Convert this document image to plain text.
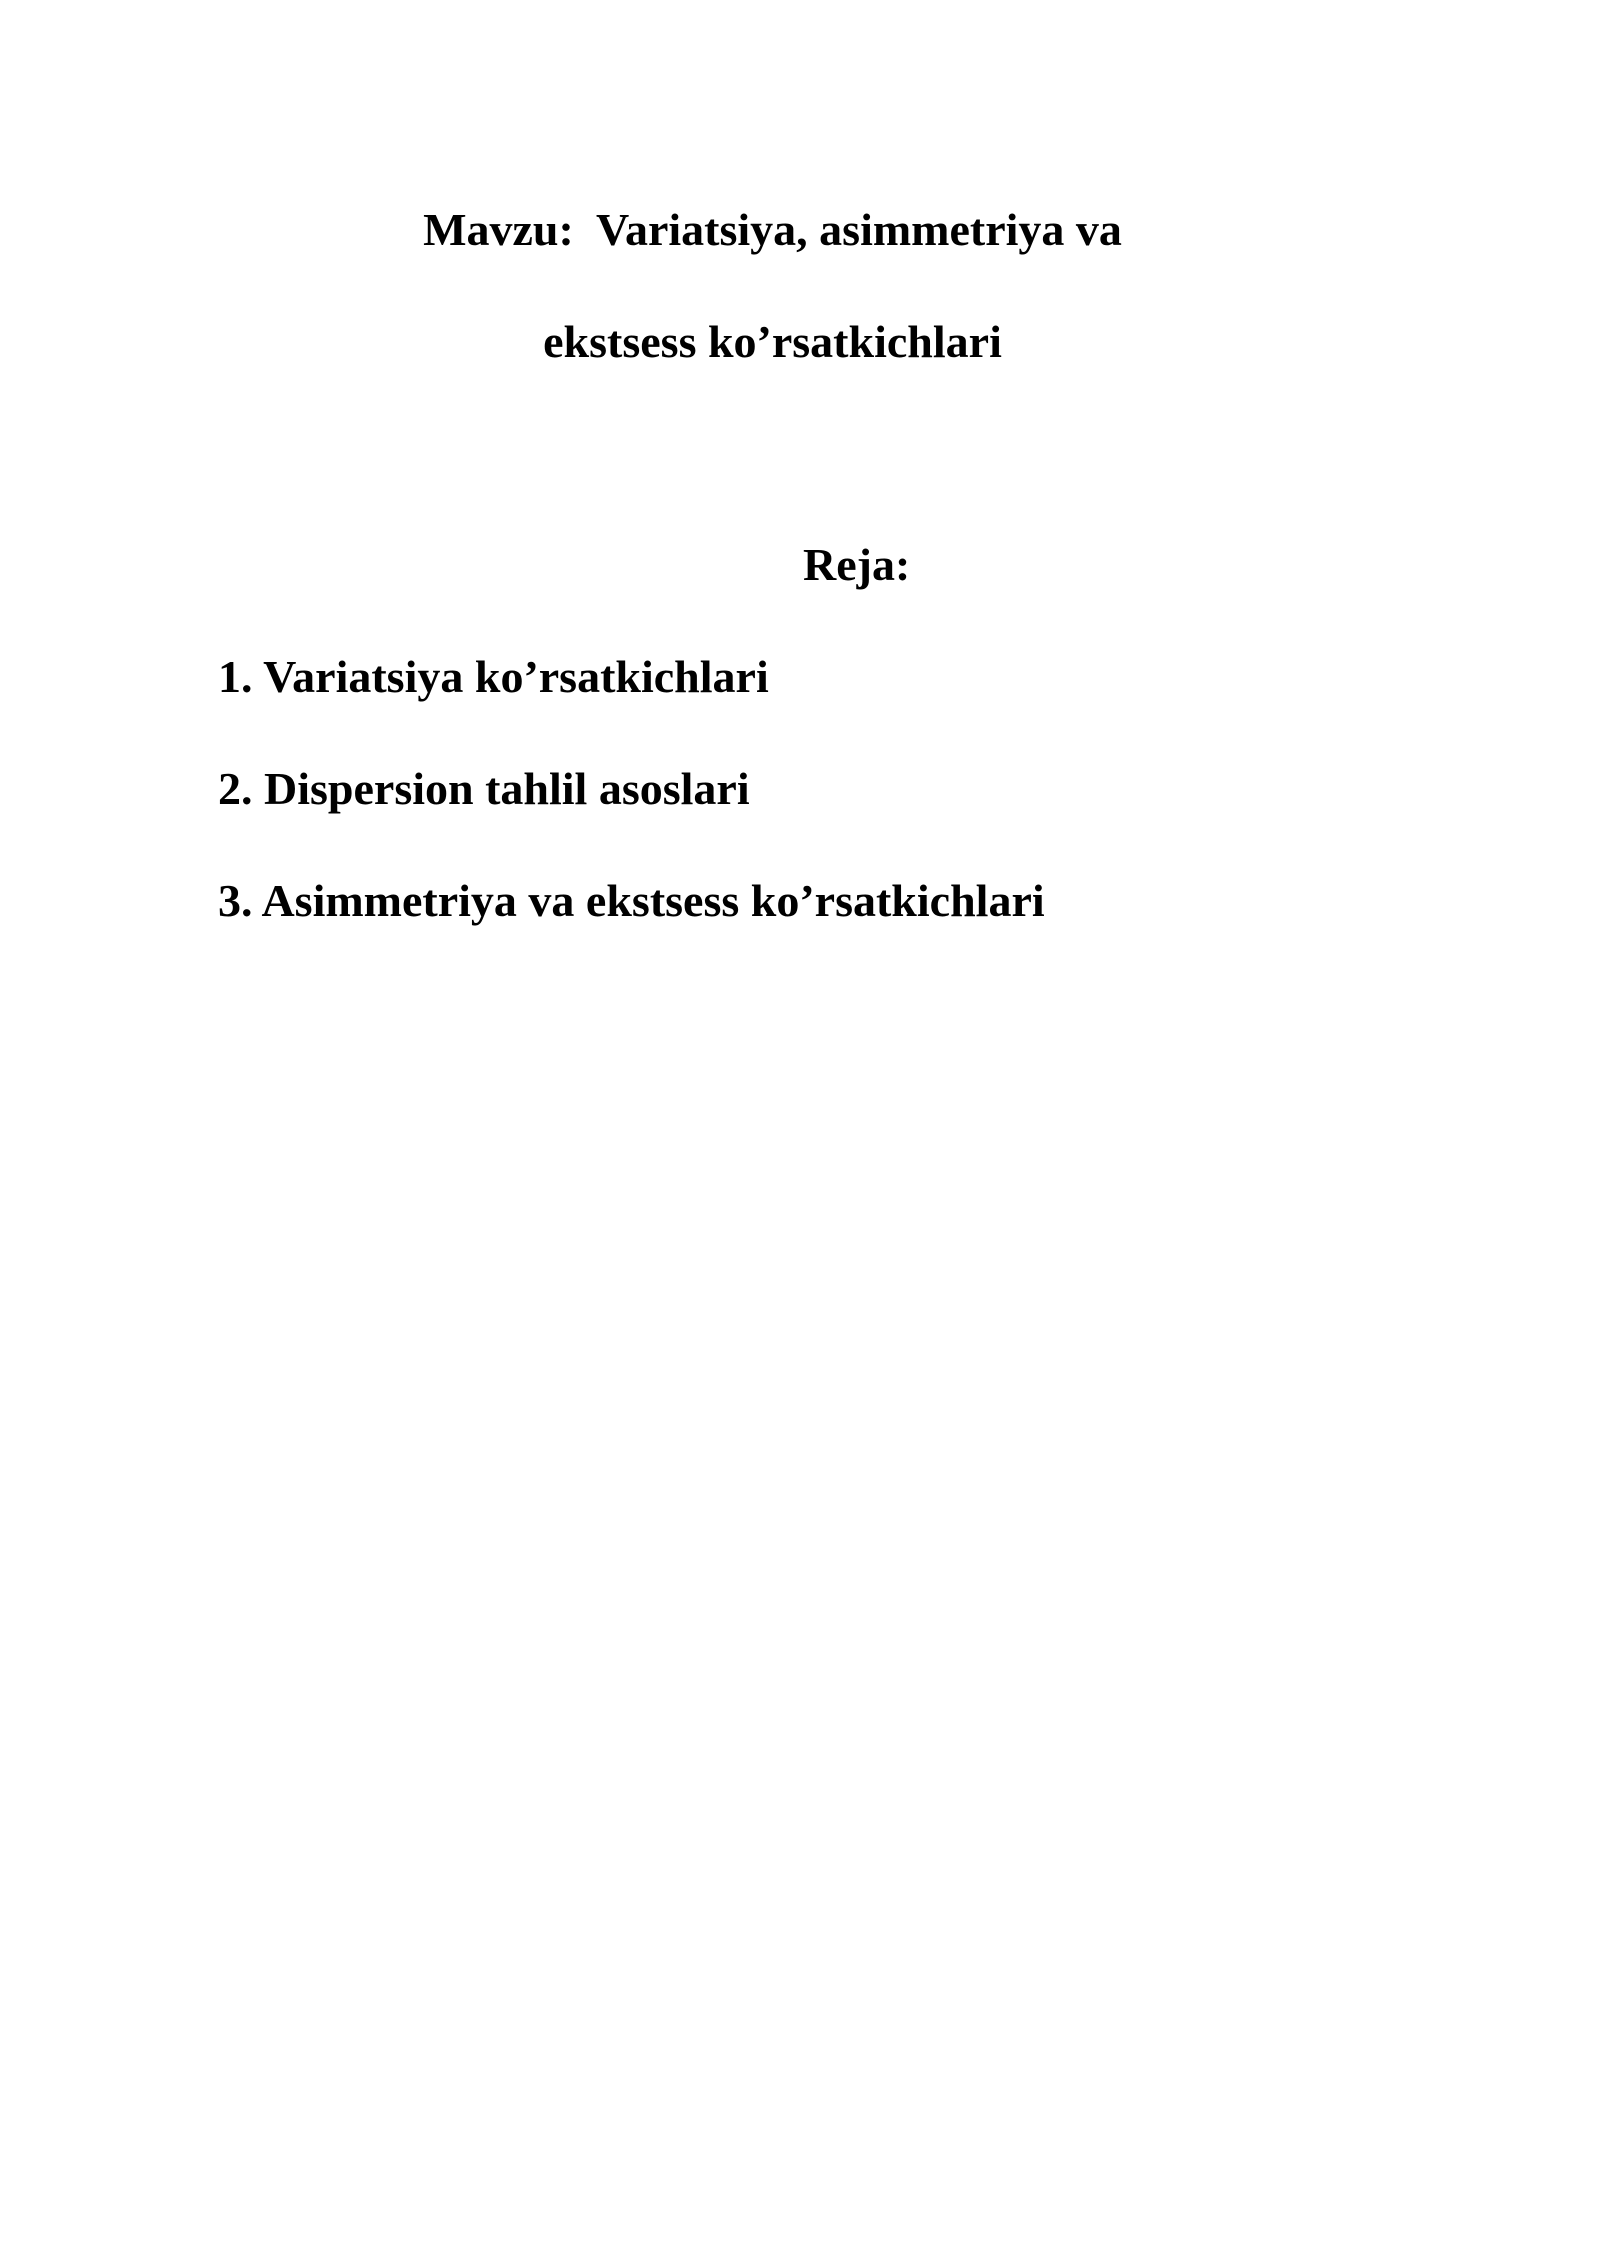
Mavzu:  Variatsiya, asimmetriya va
ekstsess ko’rsatkichlari
Reja:
1. Variatsiya ko’rsatkichlari
2. Dispersion tahlil asoslari
3. Asimmetriya va ekstsess ko’rsatkichlari
